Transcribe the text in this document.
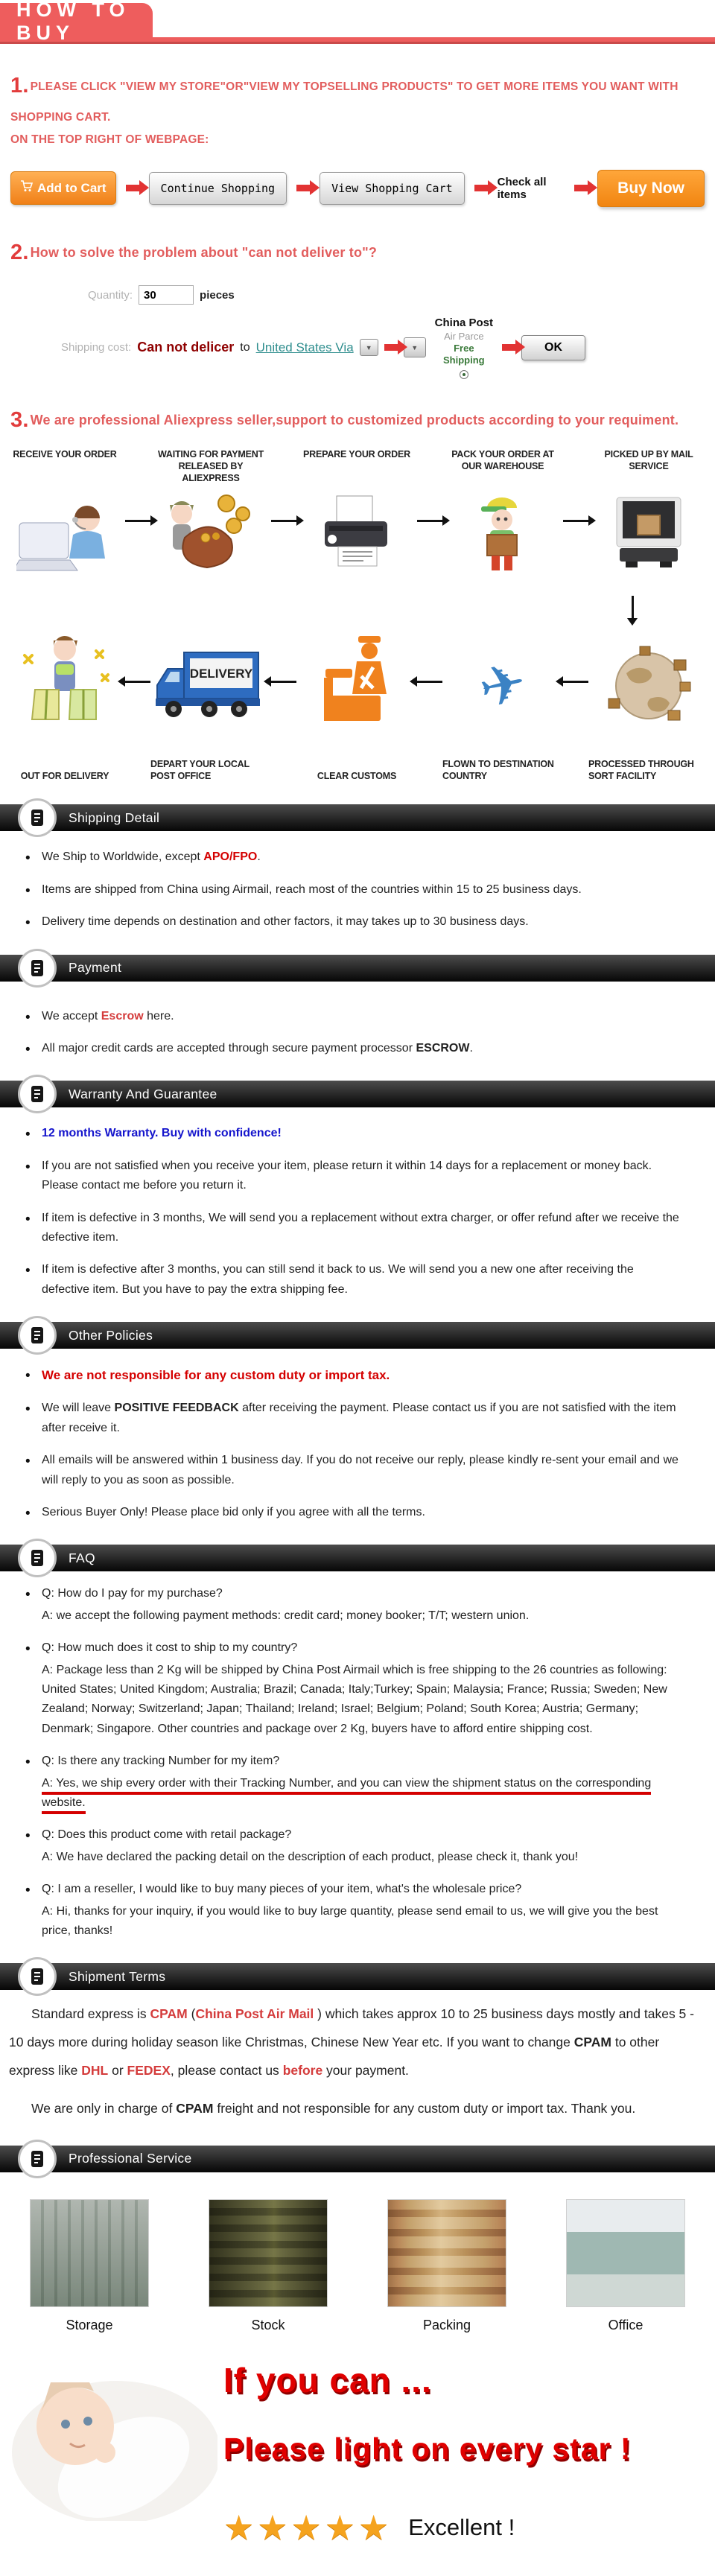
HOW TO BUY
1. PLEASE CLICK "VIEW MY STORE"OR"VIEW MY TOPSELLING PRODUCTS" TO GET MORE ITEMS YOU WANT WITH SHOPPING CART.
ON THE TOP RIGHT OF WEBPAGE:
Add to Cart	Continue Shopping	View Shopping Cart	Check all items	Buy Now
2. How to solve the problem about "can not deliver to"?
Quantity:
30	pieces
Shipping cost: Can not delicer to United States Via
▼
▼
China Post
Air Parce
Free
Shipping
OK
3. We are professional Aliexpress seller,support to customized products according to your requiment.
RECEIVE YOUR ORDER	WAITING FOR PAYMENT RELEASED BY ALIEXPRESS
PREPARE YOUR ORDER	PACK YOUR ORDER AT OUR WAREHOUSE
PICKED UP BY MAIL SERVICE
OUT FOR DELIVERY
DELIVERY
DEPART YOUR LOCAL POST OFFICE	CLEAR CUSTOMS
✈
FLOWN TO DESTINATION COUNTRY
PROCESSED THROUGH SORT FACILITY
Shipping Detail
• We Ship to Worldwide, except APO/FPO.
• Items are shipped from China using Airmail, reach most of the countries within 15 to 25 business days.
• Delivery time depends on destination and other factors, it may takes up to 30 business days.
Payment
• We accept Escrow here.
• All major credit cards are accepted through secure payment processor ESCROW.
Warranty And Guarantee
• 12 months Warranty. Buy with confidence!
• If you are not satisfied when you receive your item, please return it within 14 days for a replacement or money back. Please contact me before you return it.
• If item is defective in 3 months, We will send you a replacement without extra charger, or offer refund after we receive the defective item.
• If item is defective after 3 months, you can still send it back to us. We will send you a new one after receiving the defective item. But you have to pay the extra shipping fee.
Other Policies
• We are not responsible for any custom duty or import tax.
• We will leave POSITIVE FEEDBACK after receiving the payment. Please contact us if you are not satisfied with the item after receive it.
• All emails will be answered within 1 business day. If you do not receive our reply, please kindly re-sent your email and we will reply to you as soon as possible.
• Serious Buyer Only! Please place bid only if you agree with all the terms.
FAQ
• Q: How do I pay for my purchase?
A: we accept the following payment methods: credit card; money booker; T/T; western union.
• Q: How much does it cost to ship to my country?
A: Package less than 2 Kg will be shipped by China Post Airmail which is free shipping to the 26 countries as following: United States; United Kingdom; Australia; Brazil; Canada; Italy;Turkey; Spain; Malaysia; France; Russia; Sweden; New Zealand; Norway; Switzerland; Japan; Thailand; Ireland; Israel; Belgium; Poland; South Korea; Austria; Germany; Denmark; Singapore. Other countries and package over 2 Kg, buyers have to afford entire shipping cost.
• Q: Is there any tracking Number for my item?
A: Yes, we ship every order with their Tracking Number, and you can view the shipment status on the corresponding website.
• Q: Does this product come with retail package?
A: We have declared the packing detail on the description of each product, please check it, thank you!
• Q: I am a reseller, I would like to buy many pieces of your item, what's the wholesale price?
A: Hi, thanks for your inquiry, if you would like to buy large quantity, please send email to us, we will give you the best price, thanks!
Shipment Terms

Standard express is CPAM (China Post Air Mail ) which takes approx 10 to 25 business days mostly and takes 5 - 10 days more during holiday season like Christmas, Chinese New Year etc. If you want to change CPAM to other express like DHL or FEDEX, please contact us before your payment.

We are only in charge of CPAM freight and not responsible for any custom duty or import tax. Thank you.

Professional Service
Storage	Stock	Packing	Office
If you can ...
Please light on every star !
★★★★★ Excellent !
